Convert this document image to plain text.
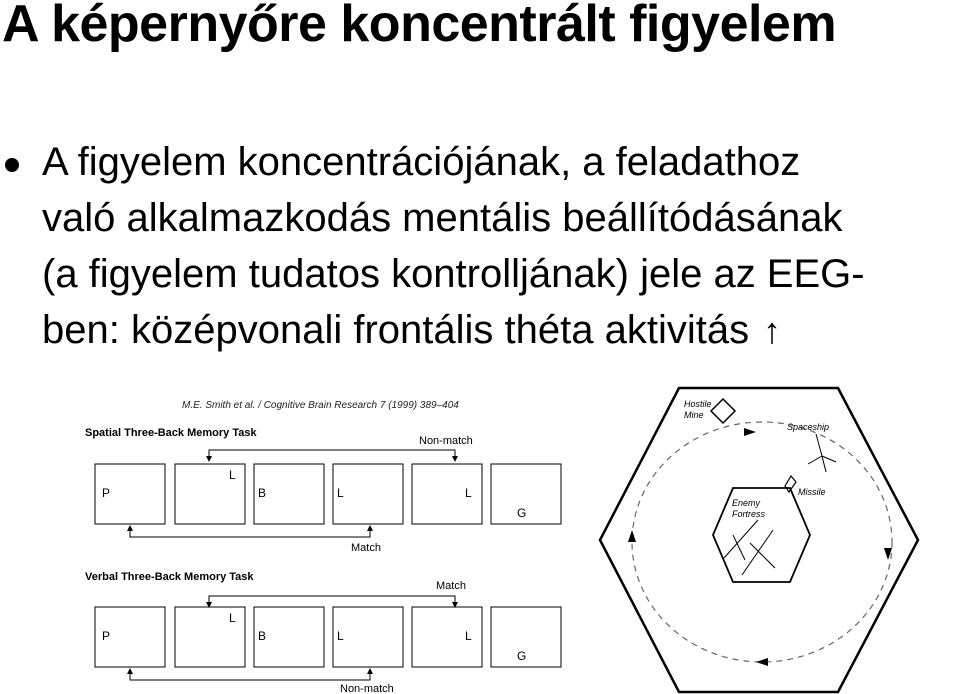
A képernyőre koncentrált figyelem
A figyelem koncentrációjának, a feladathoz
való alkalmazkodás mentális beállítódásának
(a figyelem tudatos kontrolljának) jele az EEG-
ben: középvonali frontális théta aktivitás ↑
M.E. Smith et al. / Cognitive Brain Research 7 (1999) 389–404
Spatial Three-Back Memory Task
P
L
B	L	L
G
Non-match
Match
Verbal Three-Back Memory Task
Match
P
L
B	L	L
G
Non-match
Enemy
Fortress
Hostile
Mine
Spaceship
Missile
